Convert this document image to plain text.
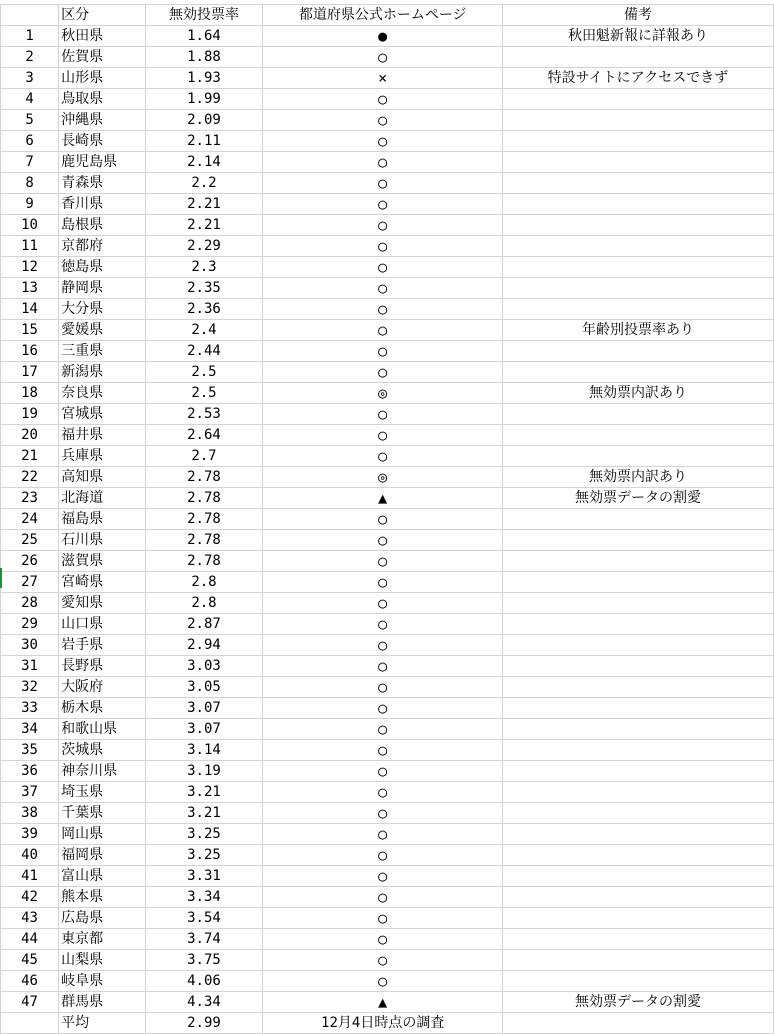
	区分	無効投票率	都道府県公式ホームページ	備考
1	秋田県	1.64	●	秋田魁新報に詳報あり
2	佐賀県	1.88	○	
3	山形県	1.93	×	特設サイトにアクセスできず
4	鳥取県	1.99	○	
5	沖縄県	2.09	○	
6	長崎県	2.11	○	
7	鹿児島県	2.14	○	
8	青森県	2.2	○	
9	香川県	2.21	○	
10	島根県	2.21	○	
11	京都府	2.29	○	
12	徳島県	2.3	○	
13	静岡県	2.35	○	
14	大分県	2.36	○	
15	愛媛県	2.4	○	年齢別投票率あり
16	三重県	2.44	○	
17	新潟県	2.5	○	
18	奈良県	2.5	◎	無効票内訳あり
19	宮城県	2.53	○	
20	福井県	2.64	○	
21	兵庫県	2.7	○	
22	高知県	2.78	◎	無効票内訳あり
23	北海道	2.78	▲	無効票データの割愛
24	福島県	2.78	○	
25	石川県	2.78	○	
26	滋賀県	2.78	○	
27	宮崎県	2.8	○	
28	愛知県	2.8	○	
29	山口県	2.87	○	
30	岩手県	2.94	○	
31	長野県	3.03	○	
32	大阪府	3.05	○	
33	栃木県	3.07	○	
34	和歌山県	3.07	○	
35	茨城県	3.14	○	
36	神奈川県	3.19	○	
37	埼玉県	3.21	○	
38	千葉県	3.21	○	
39	岡山県	3.25	○	
40	福岡県	3.25	○	
41	富山県	3.31	○	
42	熊本県	3.34	○	
43	広島県	3.54	○	
44	東京都	3.74	○	
45	山梨県	3.75	○	
46	岐阜県	4.06	○	
47	群馬県	4.34	▲	無効票データの割愛
	平均	2.99	12月4日時点の調査	
